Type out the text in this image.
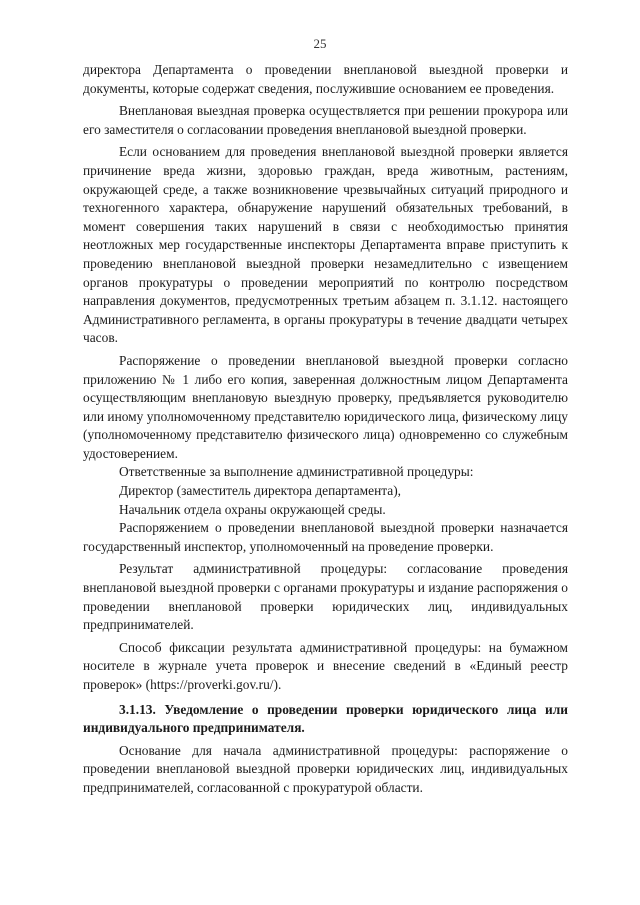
25

директора Департамента о проведении внеплановой выездной проверки и документы, которые содержат сведения, послужившие основанием ее проведения.

Внеплановая выездная проверка осуществляется при решении прокурора или его заместителя о согласовании проведения внеплановой выездной проверки.

Если основанием для проведения внеплановой выездной проверки является причинение вреда жизни, здоровью граждан, вреда животным, растениям, окружающей среде, а также возникновение чрезвычайных ситуаций природного и техногенного характера, обнаружение нарушений обязательных требований, в момент совершения таких нарушений в связи с необходимостью принятия неотложных мер государственные инспекторы Департамента вправе приступить к проведению внеплановой выездной проверки незамедлительно с извещением органов прокуратуры о проведении мероприятий по контролю посредством направления документов, предусмотренных третьим абзацем п. 3.1.12. настоящего Административного регламента, в органы прокуратуры в течение двадцати четырех часов.

Распоряжение о проведении внеплановой выездной проверки согласно приложению № 1 либо его копия, заверенная должностным лицом Департамента осуществляющим внеплановую выездную проверку, предъявляется руководителю или иному уполномоченному представителю юридического лица, физическому лицу (уполномоченному представителю физического лица) одновременно со служебным удостоверением.

Ответственные за выполнение административной процедуры:

Директор (заместитель директора департамента),

Начальник отдела охраны окружающей среды.

Распоряжением о проведении внеплановой выездной проверки назначается государственный инспектор, уполномоченный на проведение проверки.

Результат административной процедуры: согласование проведения внеплановой выездной проверки с органами прокуратуры и издание распоряжения о проведении внеплановой проверки юридических лиц, индивидуальных предпринимателей.

Способ фиксации результата административной процедуры: на бумажном носителе в журнале учета проверок и внесение сведений в «Единый реестр проверок» (https://proverki.gov.ru/).

3.1.13. Уведомление о проведении проверки юридического лица или индивидуального предпринимателя.

Основание для начала административной процедуры: распоряжение о проведении внеплановой выездной проверки юридических лиц, индивидуальных предпринимателей, согласованной с прокуратурой области.
